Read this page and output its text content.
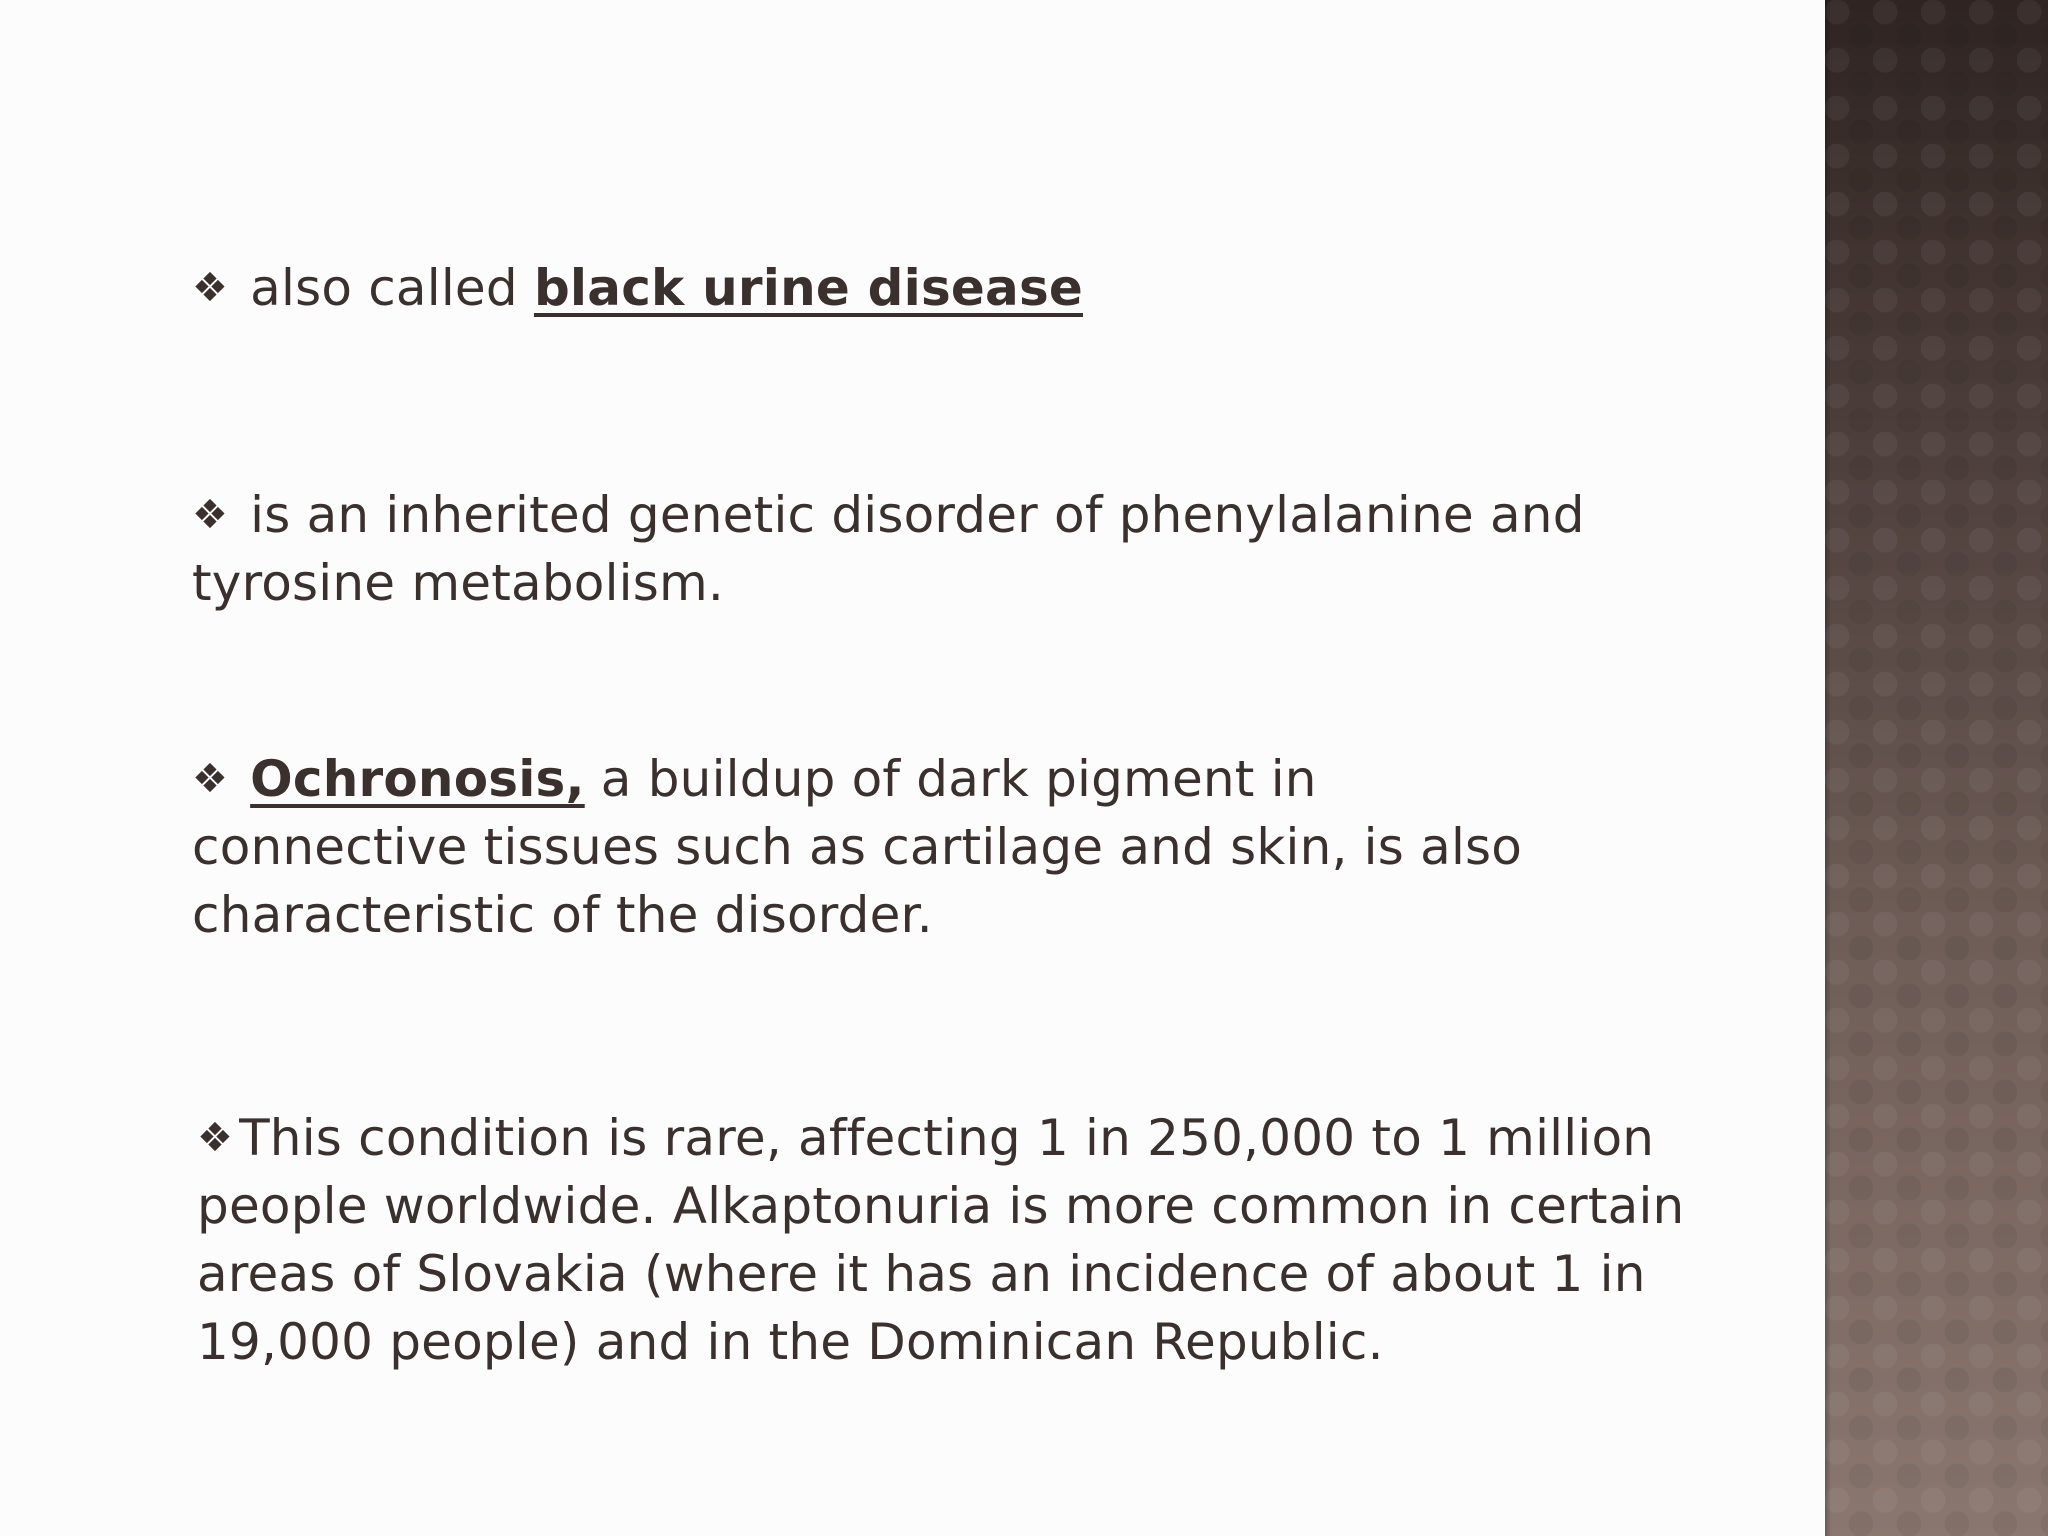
❖ also called black urine disease

❖ is an inherited genetic disorder of phenylalanine and
tyrosine metabolism.

❖ Ochronosis, a buildup of dark pigment in
connective tissues such as cartilage and skin, is also
characteristic of the disorder.

❖ This condition is rare, affecting 1 in 250,000 to 1 million
people worldwide. Alkaptonuria is more common in certain
areas of Slovakia (where it has an incidence of about 1 in
19,000 people) and in the Dominican Republic.
